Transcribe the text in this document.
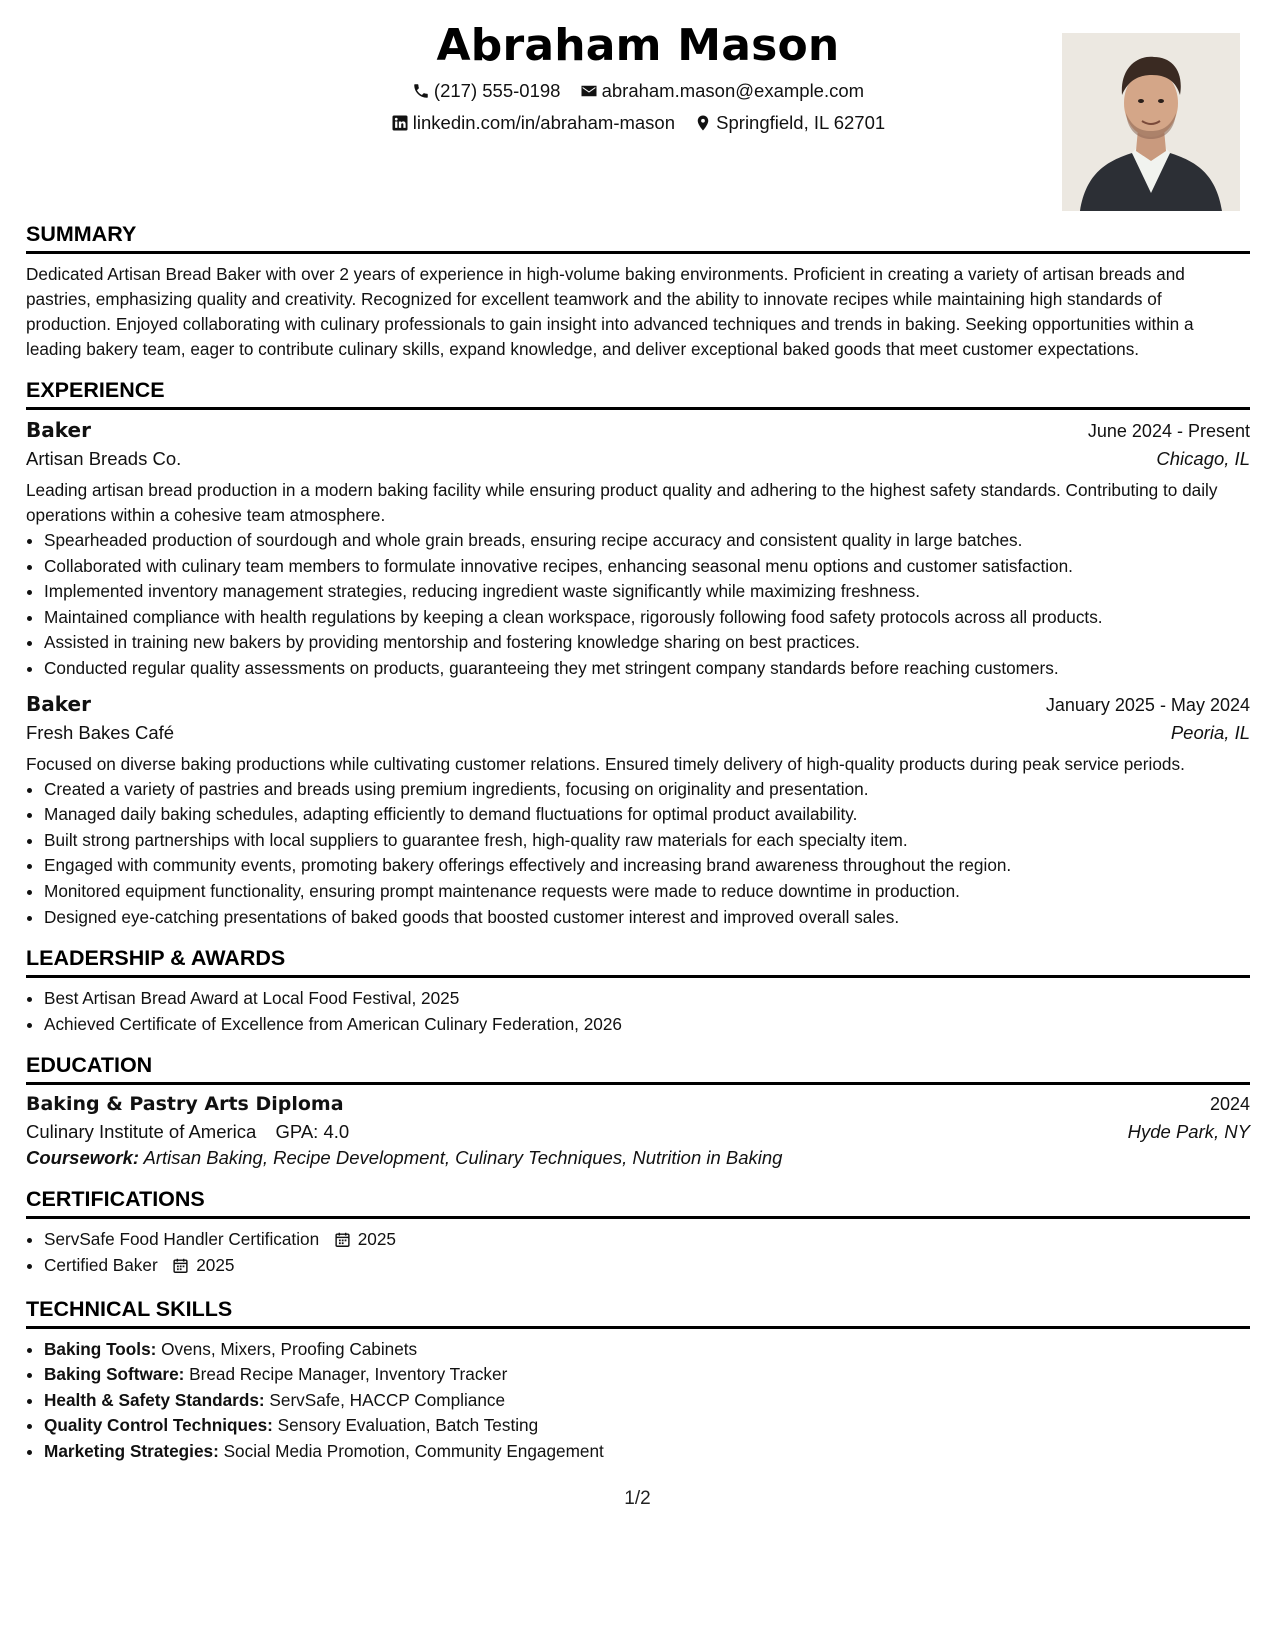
Abraham Mason
(217) 555-0198
abraham.mason@example.com
linkedin.com/in/abraham-mason
Springfield, IL 62701
SUMMARY

Dedicated Artisan Bread Baker with over 2 years of experience in high-volume baking environments. Proficient in creating a variety of artisan breads and pastries, emphasizing quality and creativity. Recognized for excellent teamwork and the ability to innovate recipes while maintaining high standards of production. Enjoyed collaborating with culinary professionals to gain insight into advanced techniques and trends in baking. Seeking opportunities within a leading bakery team, eager to contribute culinary skills, expand knowledge, and deliver exceptional baked goods that meet customer expectations.

EXPERIENCE
Baker	June 2024 - Present
Artisan Breads Co.	Chicago, IL

Leading artisan bread production in a modern baking facility while ensuring product quality and adhering to the highest safety standards. Contributing to daily operations within a cohesive team atmosphere.

• Spearheaded production of sourdough and whole grain breads, ensuring recipe accuracy and consistent quality in large batches.
• Collaborated with culinary team members to formulate innovative recipes, enhancing seasonal menu options and customer satisfaction.
• Implemented inventory management strategies, reducing ingredient waste significantly while maximizing freshness.
• Maintained compliance with health regulations by keeping a clean workspace, rigorously following food safety protocols across all products.
• Assisted in training new bakers by providing mentorship and fostering knowledge sharing on best practices.
• Conducted regular quality assessments on products, guaranteeing they met stringent company standards before reaching customers.
Baker	January 2025 - May 2024
Fresh Bakes Café	Peoria, IL

Focused on diverse baking productions while cultivating customer relations. Ensured timely delivery of high-quality products during peak service periods.

• Created a variety of pastries and breads using premium ingredients, focusing on originality and presentation.
• Managed daily baking schedules, adapting efficiently to demand fluctuations for optimal product availability.
• Built strong partnerships with local suppliers to guarantee fresh, high-quality raw materials for each specialty item.
• Engaged with community events, promoting bakery offerings effectively and increasing brand awareness throughout the region.
• Monitored equipment functionality, ensuring prompt maintenance requests were made to reduce downtime in production.
• Designed eye-catching presentations of baked goods that boosted customer interest and improved overall sales.
LEADERSHIP & AWARDS
• Best Artisan Bread Award at Local Food Festival, 2025
• Achieved Certificate of Excellence from American Culinary Federation, 2026
EDUCATION
Baking & Pastry Arts Diploma	2024
Culinary Institute of America GPA: 4.0	Hyde Park, NY
Coursework: Artisan Baking, Recipe Development, Culinary Techniques, Nutrition in Baking
CERTIFICATIONS
• ServSafe Food Handler Certification 2025
• Certified Baker 2025
TECHNICAL SKILLS
• Baking Tools: Ovens, Mixers, Proofing Cabinets
• Baking Software: Bread Recipe Manager, Inventory Tracker
• Health & Safety Standards: ServSafe, HACCP Compliance
• Quality Control Techniques: Sensory Evaluation, Batch Testing
• Marketing Strategies: Social Media Promotion, Community Engagement
1/2
